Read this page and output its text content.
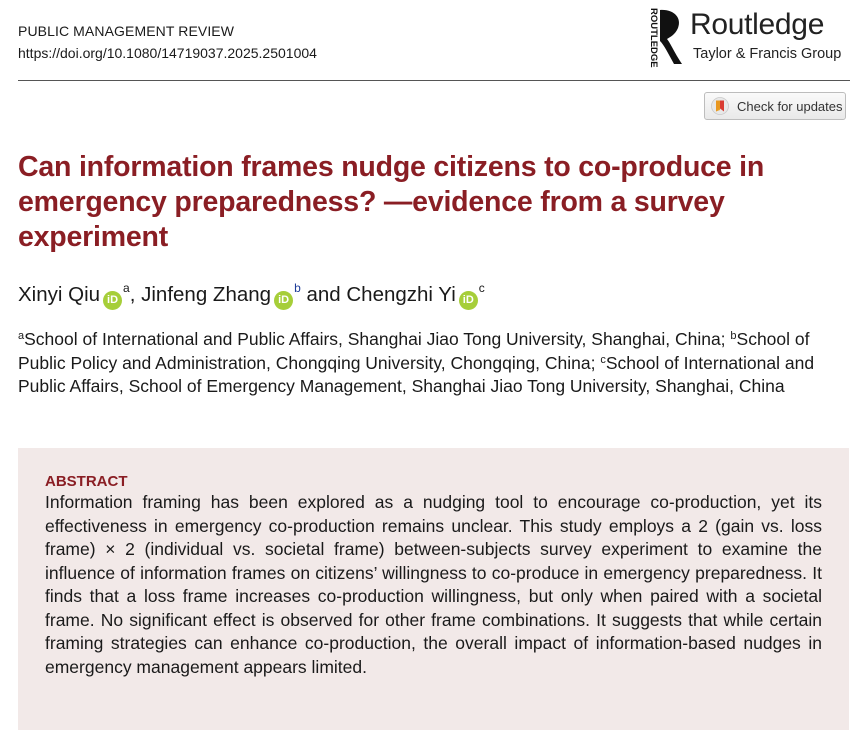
PUBLIC MANAGEMENT REVIEW
https://doi.org/10.1080/14719037.2025.2501004	ROUTLEDGE Routledge
Taylor & Francis Group
Check for updates
Can information frames nudge citizens to co-produce in emergency preparedness? —evidence from a survey experiment
Xinyi Qiu iD$^a$, Jinfeng Zhang iD$^b$ and Chengzhi Yi iD$^c$

$^a$School of International and Public Affairs, Shanghai Jiao Tong University, Shanghai, China; $^b$School of Public Policy and Administration, Chongqing University, Chongqing, China; $^c$School of International and Public Affairs, School of Emergency Management, Shanghai Jiao Tong University, Shanghai, China

ABSTRACT

Information framing has been explored as a nudging tool to encourage co-production, yet its effectiveness in emergency co-production remains unclear. This study employs a 2 (gain vs. loss frame) × 2 (individual vs. societal frame) between-subjects survey experiment to examine the influence of information frames on citizens’ willingness to co-produce in emergency preparedness. It finds that a loss frame increases co-production willingness, but only when paired with a societal frame. No significant effect is observed for other frame combinations. It suggests that while certain framing strategies can enhance co-production, the overall impact of information-based nudges in emergency management appears limited.
